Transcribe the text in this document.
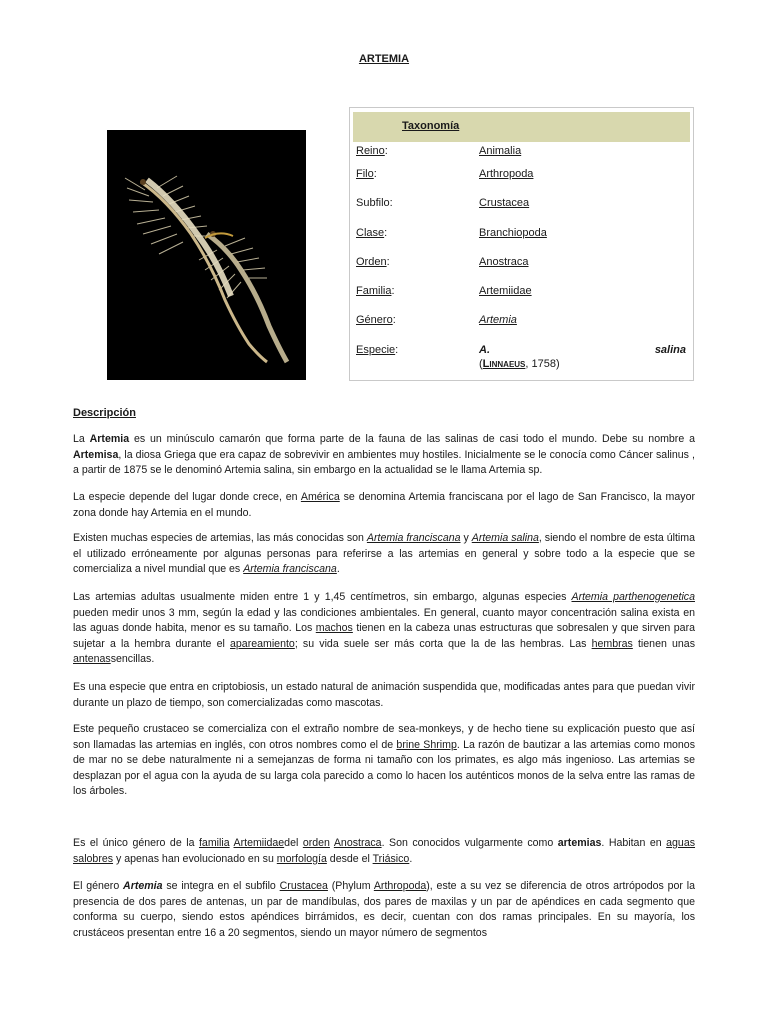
ARTEMIA
Taxonomía
Reino:	Animalia
Filo:	Arthropoda
Subfilo:	Crustacea
Clase:	Branchiopoda
Orden:	Anostraca
Familia:	Artemiidae
Género:	Artemia
Especie:	A.	salina
(Linnaeus, 1758)
Descripción

La Artemia es un minúsculo camarón que forma parte de la fauna de las salinas de casi todo el mundo. Debe su nombre a Artemisa, la diosa Griega que era capaz de sobrevivir en ambientes muy hostiles. Inicialmente se le conocía como Cáncer salinus , a partir de 1875 se le denominó Artemia salina, sin embargo en la actualidad se le llama Artemia sp.

La especie depende del lugar donde crece, en América se denomina Artemia franciscana por el lago de San Francisco, la mayor zona donde hay Artemia en el mundo.

Existen muchas especies de artemias, las más conocidas son Artemia franciscana y Artemia salina, siendo el nombre de esta última el utilizado erróneamente por algunas personas para referirse a las artemias en general y sobre todo a la especie que se comercializa a nivel mundial que es Artemia franciscana.

Las artemias adultas usualmente miden entre 1 y 1,45 centímetros, sin embargo, algunas especies Artemia parthenogenetica pueden medir unos 3 mm, según la edad y las condiciones ambientales. En general, cuanto mayor concentración salina exista en las aguas donde habita, menor es su tamaño. Los machos tienen en la cabeza unas estructuras que sobresalen y que sirven para sujetar a la hembra durante el apareamiento; su vida suele ser más corta que la de las hembras. Las hembras tienen unas antenassencillas.

Es una especie que entra en criptobiosis, un estado natural de animación suspendida que, modificadas antes para que puedan vivir durante un plazo de tiempo, son comercializadas como mascotas.

Este pequeño crustaceo se comercializa con el extraño nombre de sea-monkeys, y de hecho tiene su explicación puesto que así son llamadas las artemias en inglés, con otros nombres como el de brine Shrimp. La razón de bautizar a las artemias como monos de mar no se debe naturalmente ni a semejanzas de forma ni tamaño con los primates, es algo más ingenioso. Las artemias se desplazan por el agua con la ayuda de su larga cola parecido a como lo hacen los auténticos monos de la selva entre las ramas de los árboles.

Es el único género de la familia Artemiidaedel orden Anostraca. Son conocidos vulgarmente como artemias. Habitan en aguas salobres y apenas han evolucionado en su morfología desde el Triásico.

El género Artemia se integra en el subfilo Crustacea (Phylum Arthropoda), este a su vez se diferencia de otros artrópodos por la presencia de dos pares de antenas, un par de mandíbulas, dos pares de maxilas y un par de apéndices en cada segmento que conforma su cuerpo, siendo estos apéndices birrámidos, es decir, cuentan con dos ramas principales. En su mayoría, los crustáceos presentan entre 16 a 20 segmentos, siendo un mayor número de segmentos
